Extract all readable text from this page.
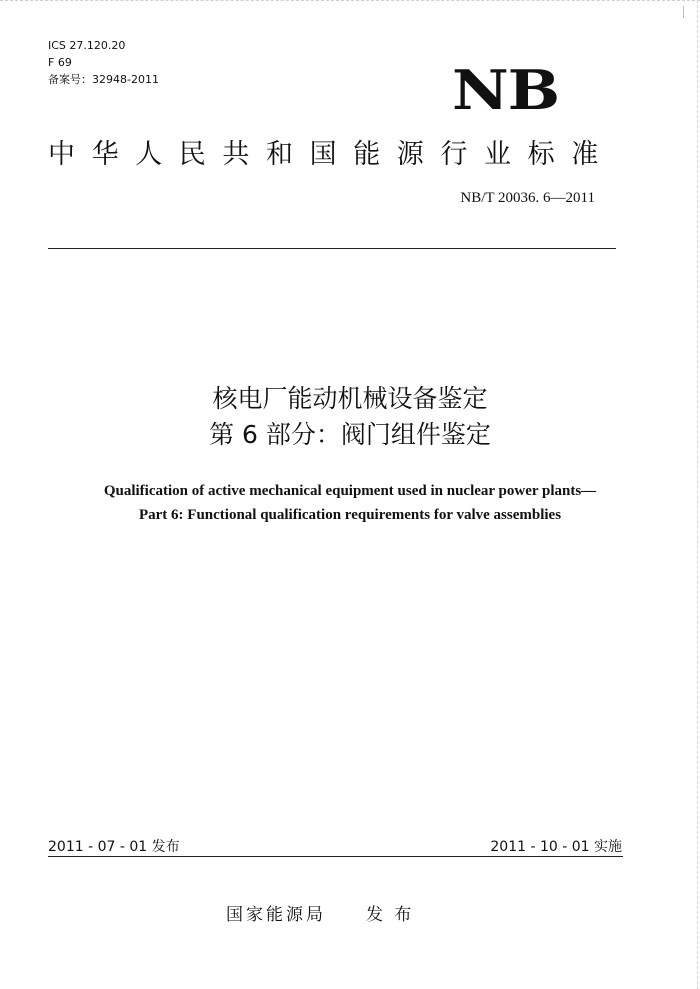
ICS 27.120.20
F 69
备案号：32948-2011	NB
中华人民共和国能源行业标准
NB/T 20036. 6—2011
核电厂能动机械设备鉴定
第 6 部分：阀门组件鉴定
Qualification of active mechanical equipment used in nuclear power plants—
Part 6: Functional qualification requirements for valve assemblies
2011 - 07 - 01 发布	2011 - 10 - 01 实施
国家能源局 发 布
